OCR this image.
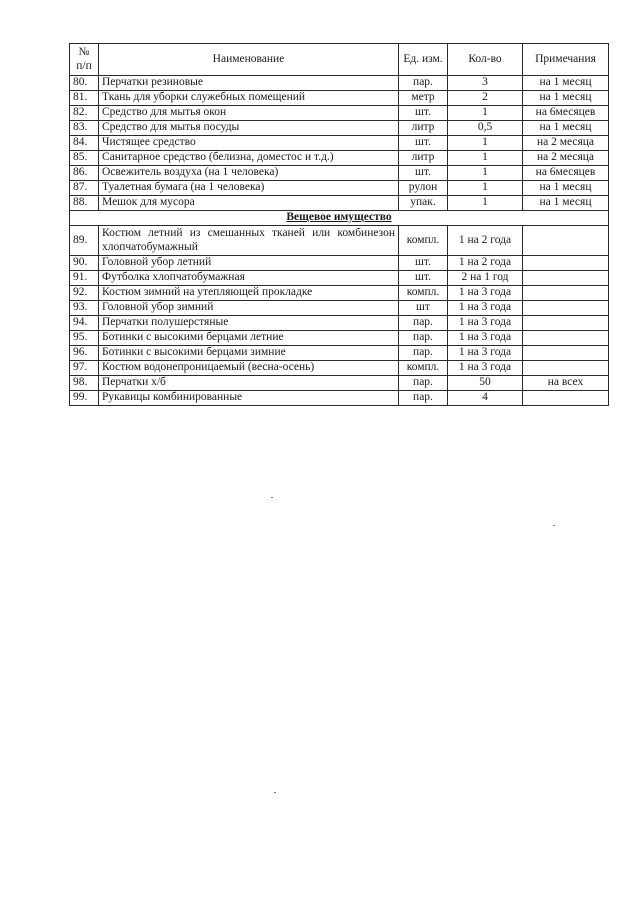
№ п/п	Наименование	Ед. изм.	Кол-во	Примечания
80.	Перчатки резиновые	пар.	3	на 1 месяц
81.	Ткань для уборки служебных помещений	метр	2	на 1 месяц
82.	Средство для мытья окон	шт.	1	на 6месяцев
83.	Средство для мытья посуды	литр	0,5	на 1 месяц
84.	Чистящее средство	шт.	1	на 2 месяца
85.	Санитарное средство (белизна, доместос и т.д.)	литр	1	на 2 месяца
86.	Освежитель воздуха (на 1 человека)	шт.	1	на 6месяцев
87.	Туалетная бумага (на 1 человека)	рулон	1	на 1 месяц
88.	Мешок для мусора	упак.	1	на 1 месяц
Вещевое имущество				
89.	Костюм летний из смешанных тканей или комбинезон хлопчатобумажный	компл.	1 на 2 года	
90.	Головной убор летний	шт.	1 на 2 года	
91.	Футболка хлопчатобумажная	шт.	2 на 1 год	
92.	Костюм зимний на утепляющей прокладке	компл.	1 на 3 года	
93.	Головной убор зимний	шт	1 на 3 года	
94.	Перчатки полушерстяные	пар.	1 на 3 года	
95.	Ботинки с высокими берцами летние	пар.	1 на 3 года	
96.	Ботинки с высокими берцами зимние	пар.	1 на 3 года	
97.	Костюм водонепроницаемый (весна-осень)	компл.	1 на 3 года	
98.	Перчатки х/б	пар.	50	на всех
99.	Рукавицы комбинированные	пар.	4	
